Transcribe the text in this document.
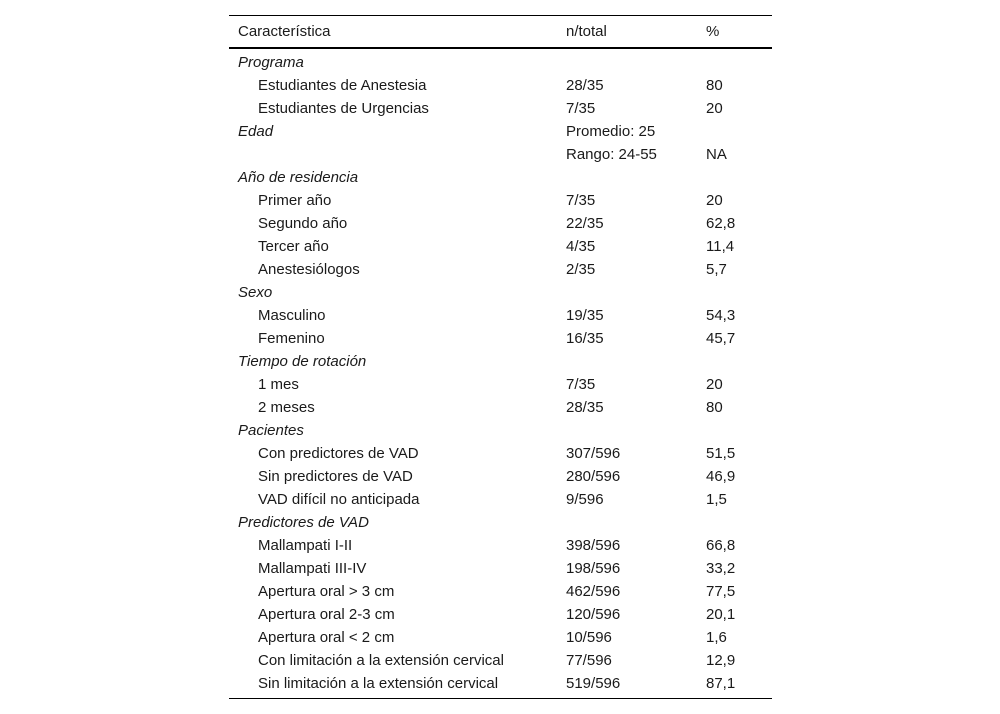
Característica	n/total	%
Programa		
Estudiantes de Anestesia	28/35	80
Estudiantes de Urgencias	7/35	20
Edad	Promedio: 25	
	Rango: 24-55	NA
Año de residencia		
Primer año	7/35	20
Segundo año	22/35	62,8
Tercer año	4/35	11,4
Anestesiólogos	2/35	5,7
Sexo		
Masculino	19/35	54,3
Femenino	16/35	45,7
Tiempo de rotación		
1 mes	7/35	20
2 meses	28/35	80
Pacientes		
Con predictores de VAD	307/596	51,5
Sin predictores de VAD	280/596	46,9
VAD difícil no anticipada	9/596	1,5
Predictores de VAD		
Mallampati I-II	398/596	66,8
Mallampati III-IV	198/596	33,2
Apertura oral > 3 cm	462/596	77,5
Apertura oral 2-3 cm	120/596	20,1
Apertura oral < 2 cm	10/596	1,6
Con limitación a la extensión cervical	77/596	12,9
Sin limitación a la extensión cervical	519/596	87,1
